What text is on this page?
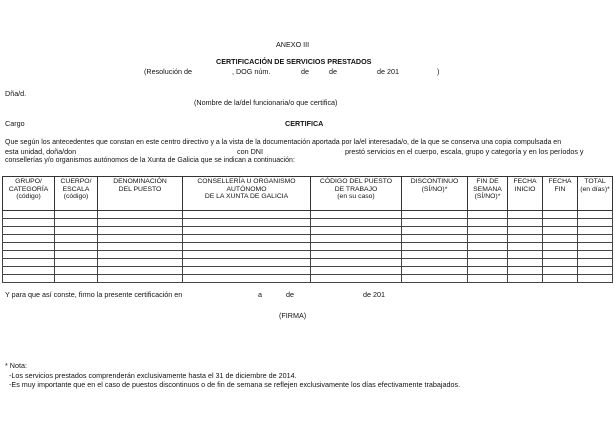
ANEXO III
CERTIFICACIÓN DE SERVICIOS PRESTADOS
(Resolución de	, DOG núm.	de	de	de 201	)
Dña/d.
(Nombre de la/del funcionaria/o que certifica)
Cargo	CERTIFICA
Que según los antecedentes que constan en este centro directivo y a la vista de la documentación aportada por la/el interesada/o, de la que se conserva una copia compulsada en
esta unidad, doña/don	con DNI	prestó servicios en el cuerpo, escala, grupo y categoría y en los períodos y
consellerías y/o organismos autónomos de la Xunta de Galicia que se indican a continuación:
GRUPO/
CATEGORÍA
(código)	CUERPO/
ESCALA
(código)	DENOMINACIÓN
DEL PUESTO	CONSELLERÍA U ORGANISMO
AUTÓNOMO
DE LA XUNTA DE GALICIA	CÓDIGO DEL PUESTO
DE TRABAJO
(en su caso)	DISCONTINUO
(SÍ/NO)*	FIN DE
SEMANA
(SÍ/NO)*	FECHA
INICIO	FECHA
FIN	TOTAL
(en días)*

Y para que así conste, firmo la presente certificación en	a	de	de 201
(FIRMA)
* Nota:
-Los servicios prestados comprenderán exclusivamente hasta el 31 de diciembre de 2014.
-Es muy importante que en el caso de puestos discontinuos o de fin de semana se reflejen exclusivamente los días efectivamente trabajados.
